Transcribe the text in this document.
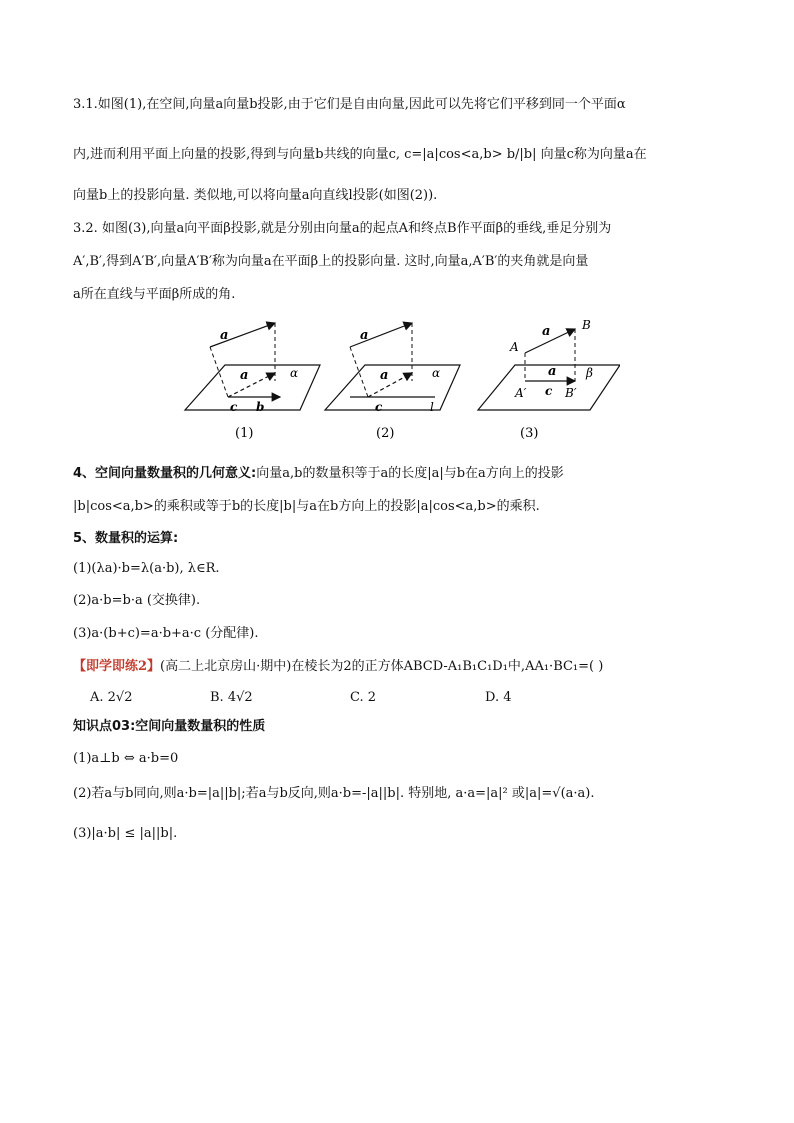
3.1.如图(1),在空间,向量a向量b投影,由于它们是自由向量,因此可以先将它们平移到同一个平面α
内,进而利用平面上向量的投影,得到与向量b共线的向量c, c=|a|cos<a,b> b/|b| 向量c称为向量a在
向量b上的投影向量. 类似地,可以将向量a向直线l投影(如图(2)).
3.2. 如图(3),向量a向平面β投影,就是分别由向量a的起点A和终点B作平面β的垂线,垂足分别为
A′,B′,得到A′B′,向量A′B′称为向量a在平面β上的投影向量. 这时,向量a,A′B′的夹角就是向量
a所在直线与平面β所成的角.
a
a
c b
α
(1)
a
a
c	l
α
(2)
a
a
c
A
B
A′	B′
β
(3)
4、空间向量数量积的几何意义:向量a,b的数量积等于a的长度|a|与b在a方向上的投影
|b|cos<a,b>的乘积或等于b的长度|b|与a在b方向上的投影|a|cos<a,b>的乘积.
5、数量积的运算:
(1)(λa)·b=λ(a·b), λ∈R.
(2)a·b=b·a (交换律).
(3)a·(b+c)=a·b+a·c (分配律).
【即学即练2】(高二上北京房山·期中)在棱长为2的正方体ABCD-A₁B₁C₁D₁中,AA₁·BC₁=( )
A. 2√2	B. 4√2	C. 2	D. 4
知识点03:空间向量数量积的性质
(1)a⊥b ⇔ a·b=0
(2)若a与b同向,则a·b=|a||b|;若a与b反向,则a·b=-|a||b|. 特别地, a·a=|a|² 或|a|=√(a·a).
(3)|a·b| ≤ |a||b|.
